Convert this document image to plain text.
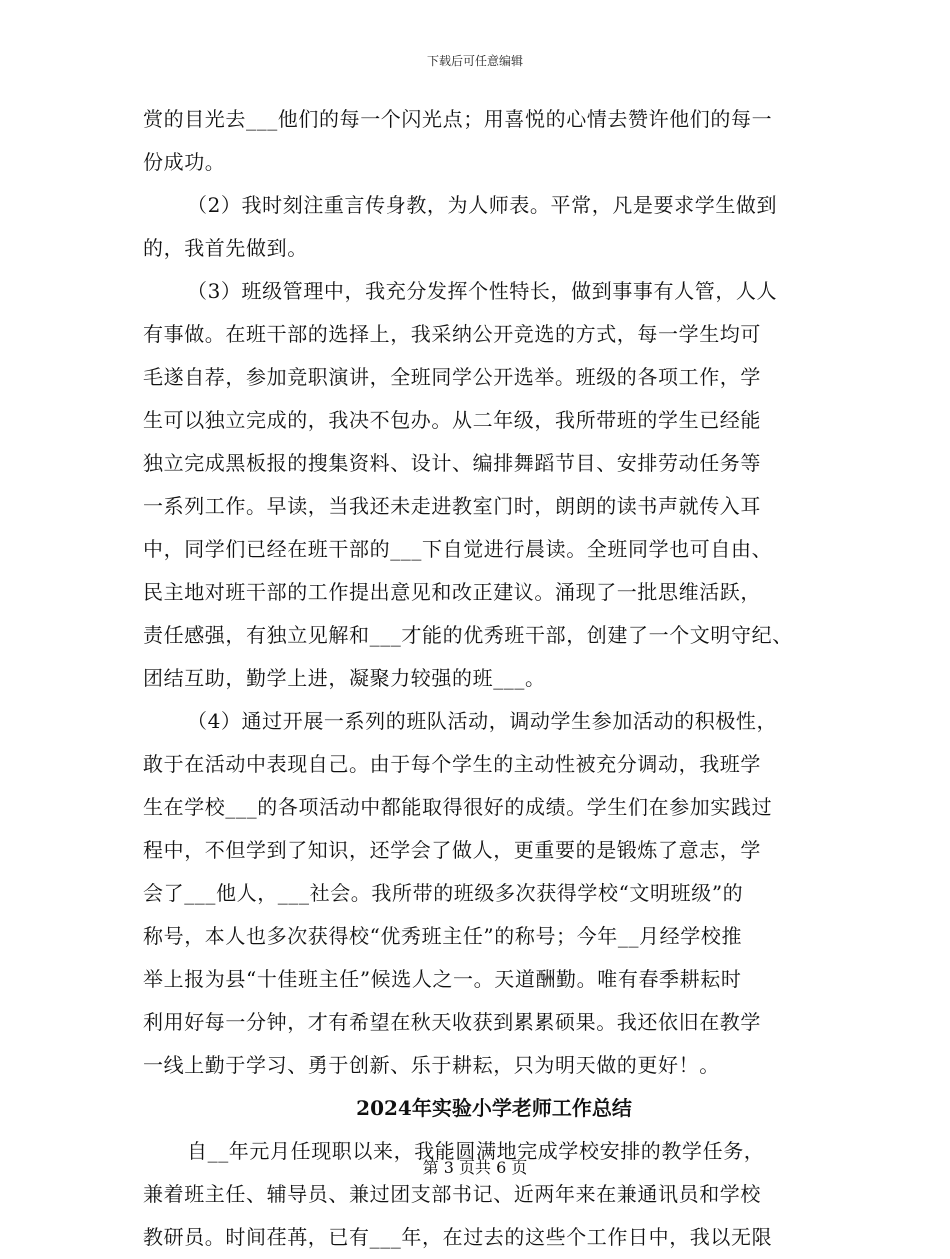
下载后可任意编辑
赏的目光去___他们的每一个闪光点；用喜悦的心情去赞许他们的每一
份成功。
（2）我时刻注重言传身教，为人师表。平常，凡是要求学生做到
的，我首先做到。
（3）班级管理中，我充分发挥个性特长，做到事事有人管，人人
有事做。在班干部的选择上，我采纳公开竞选的方式，每一学生均可
毛遂自荐，参加竞职演讲，全班同学公开选举。班级的各项工作，学
生可以独立完成的，我决不包办。从二年级，我所带班的学生已经能
独立完成黑板报的搜集资料、设计、编排舞蹈节目、安排劳动任务等
一系列工作。早读，当我还未走进教室门时，朗朗的读书声就传入耳
中，同学们已经在班干部的___下自觉进行晨读。全班同学也可自由、
民主地对班干部的工作提出意见和改正建议。涌现了一批思维活跃，
责任感强，有独立见解和___才能的优秀班干部，创建了一个文明守纪、
团结互助，勤学上进，凝聚力较强的班___。
（4）通过开展一系列的班队活动，调动学生参加活动的积极性，
敢于在活动中表现自己。由于每个学生的主动性被充分调动，我班学
生在学校___的各项活动中都能取得很好的成绩。学生们在参加实践过
程中，不但学到了知识，还学会了做人，更重要的是锻炼了意志，学
会了___他人，___社会。我所带的班级多次获得学校“文明班级”的
称号，本人也多次获得校“优秀班主任”的称号；今年__月经学校推
举上报为县“十佳班主任”候选人之一。天道酬勤。唯有春季耕耘时
利用好每一分钟，才有希望在秋天收获到累累硕果。我还依旧在教学
一线上勤于学习、勇于创新、乐于耕耘，只为明天做的更好！。
2024年实验小学老师工作总结
自__年元月任现职以来，我能圆满地完成学校安排的教学任务，
兼着班主任、辅导员、兼过团支部书记、近两年来在兼通讯员和学校
教研员。时间荏苒，已有___年，在过去的这些个工作日中，我以无限
第 3 页共 6 页
